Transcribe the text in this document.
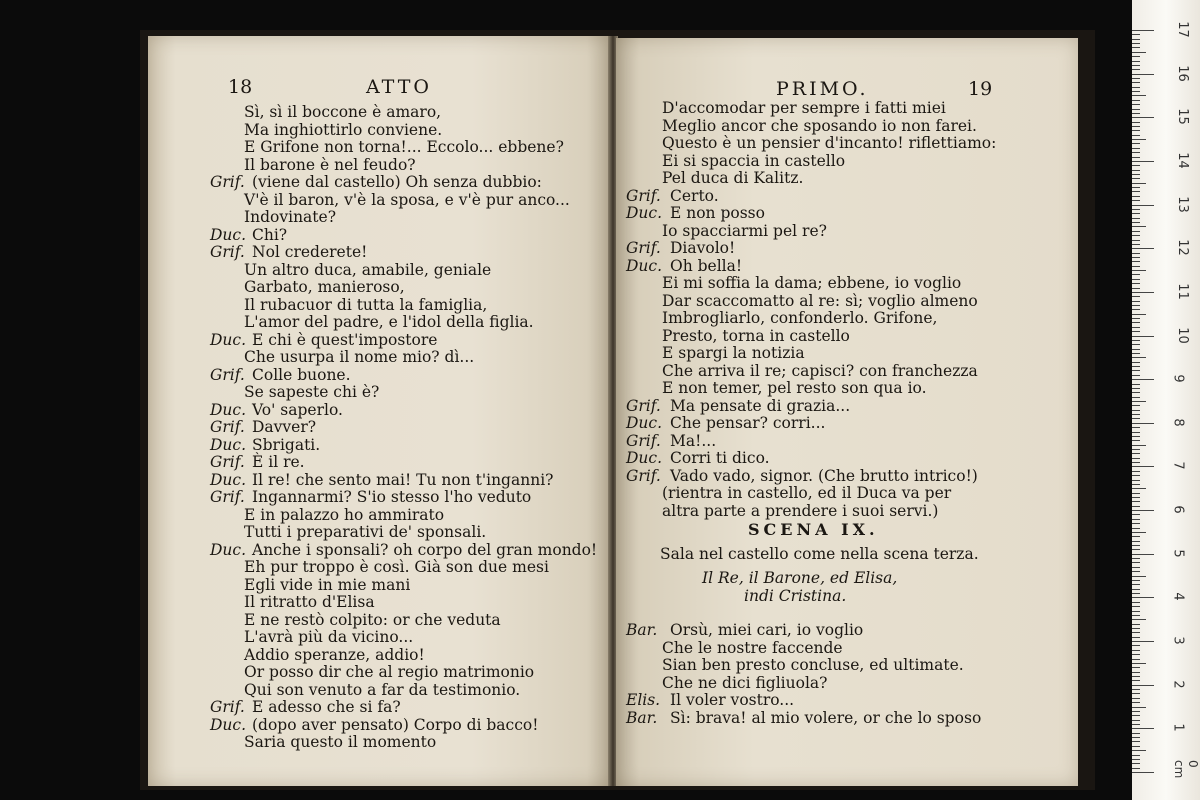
18	ATTO
Sì, sì il boccone è amaro,
Ma inghiottirlo conviene.
E Grifone non torna!... Eccolo... ebbene?
Il barone è nel feudo?
Grif. (viene dal castello) Oh senza dubbio:
V'è il baron, v'è la sposa, e v'è pur anco...
Indovinate?
Duc. Chi?
Grif. Nol crederete!
Un altro duca, amabile, geniale
Garbato, manieroso,
Il rubacuor di tutta la famiglia,
L'amor del padre, e l'idol della figlia.
Duc. E chi è quest'impostore
Che usurpa il nome mio? dì...
Grif. Colle buone.
Se sapeste chi è?
Duc. Vo' saperlo.
Grif. Davver?
Duc. Sbrigati.
Grif. È il re.
Duc. Il re! che sento mai! Tu non t'inganni?
Grif. Ingannarmi? S'io stesso l'ho veduto
E in palazzo ho ammirato
Tutti i preparativi de' sponsali.
Duc. Anche i sponsali? oh corpo del gran mondo!
Eh pur troppo è così. Già son due mesi
Egli vide in mie mani
Il ritratto d'Elisa
E ne restò colpito: or che veduta
L'avrà più da vicino...
Addio speranze, addio!
Or posso dir che al regio matrimonio
Qui son venuto a far da testimonio.
Grif. E adesso che si fa?
Duc. (dopo aver pensato) Corpo di bacco!
Saria questo il momento
PRIMO.	19
D'accomodar per sempre i fatti miei
Meglio ancor che sposando io non farei.
Questo è un pensier d'incanto! riflettiamo:
Ei si spaccia in castello
Pel duca di Kalitz.
Grif. Certo.
Duc. E non posso
Io spacciarmi pel re?
Grif. Diavolo!
Duc. Oh bella!
Ei mi soffia la dama; ebbene, io voglio
Dar scaccomatto al re: sì; voglio almeno
Imbrogliarlo, confonderlo. Grifone,
Presto, torna in castello
E spargi la notizia
Che arriva il re; capisci? con franchezza
E non temer, pel resto son qua io.
Grif. Ma pensate di grazia...
Duc. Che pensar? corri...
Grif. Ma!...
Duc. Corri ti dico.
Grif. Vado vado, signor. (Che brutto intrico!)
(rientra in castello, ed il Duca va per
altra parte a prendere i suoi servi.)
SCENA IX.
Sala nel castello come nella scena terza.
Il Re, il Barone, ed Elisa,
indi Cristina.
Bar. Orsù, miei cari, io voglio
Che le nostre faccende
Sian ben presto concluse, ed ultimate.
Che ne dici figliuola?
Elis. Il voler vostro...
Bar. Sì: brava! al mio volere, or che lo sposo
1
2
3
4
5
6
7
8
9
10
11
12
13
14
15
16
17
0 cm
